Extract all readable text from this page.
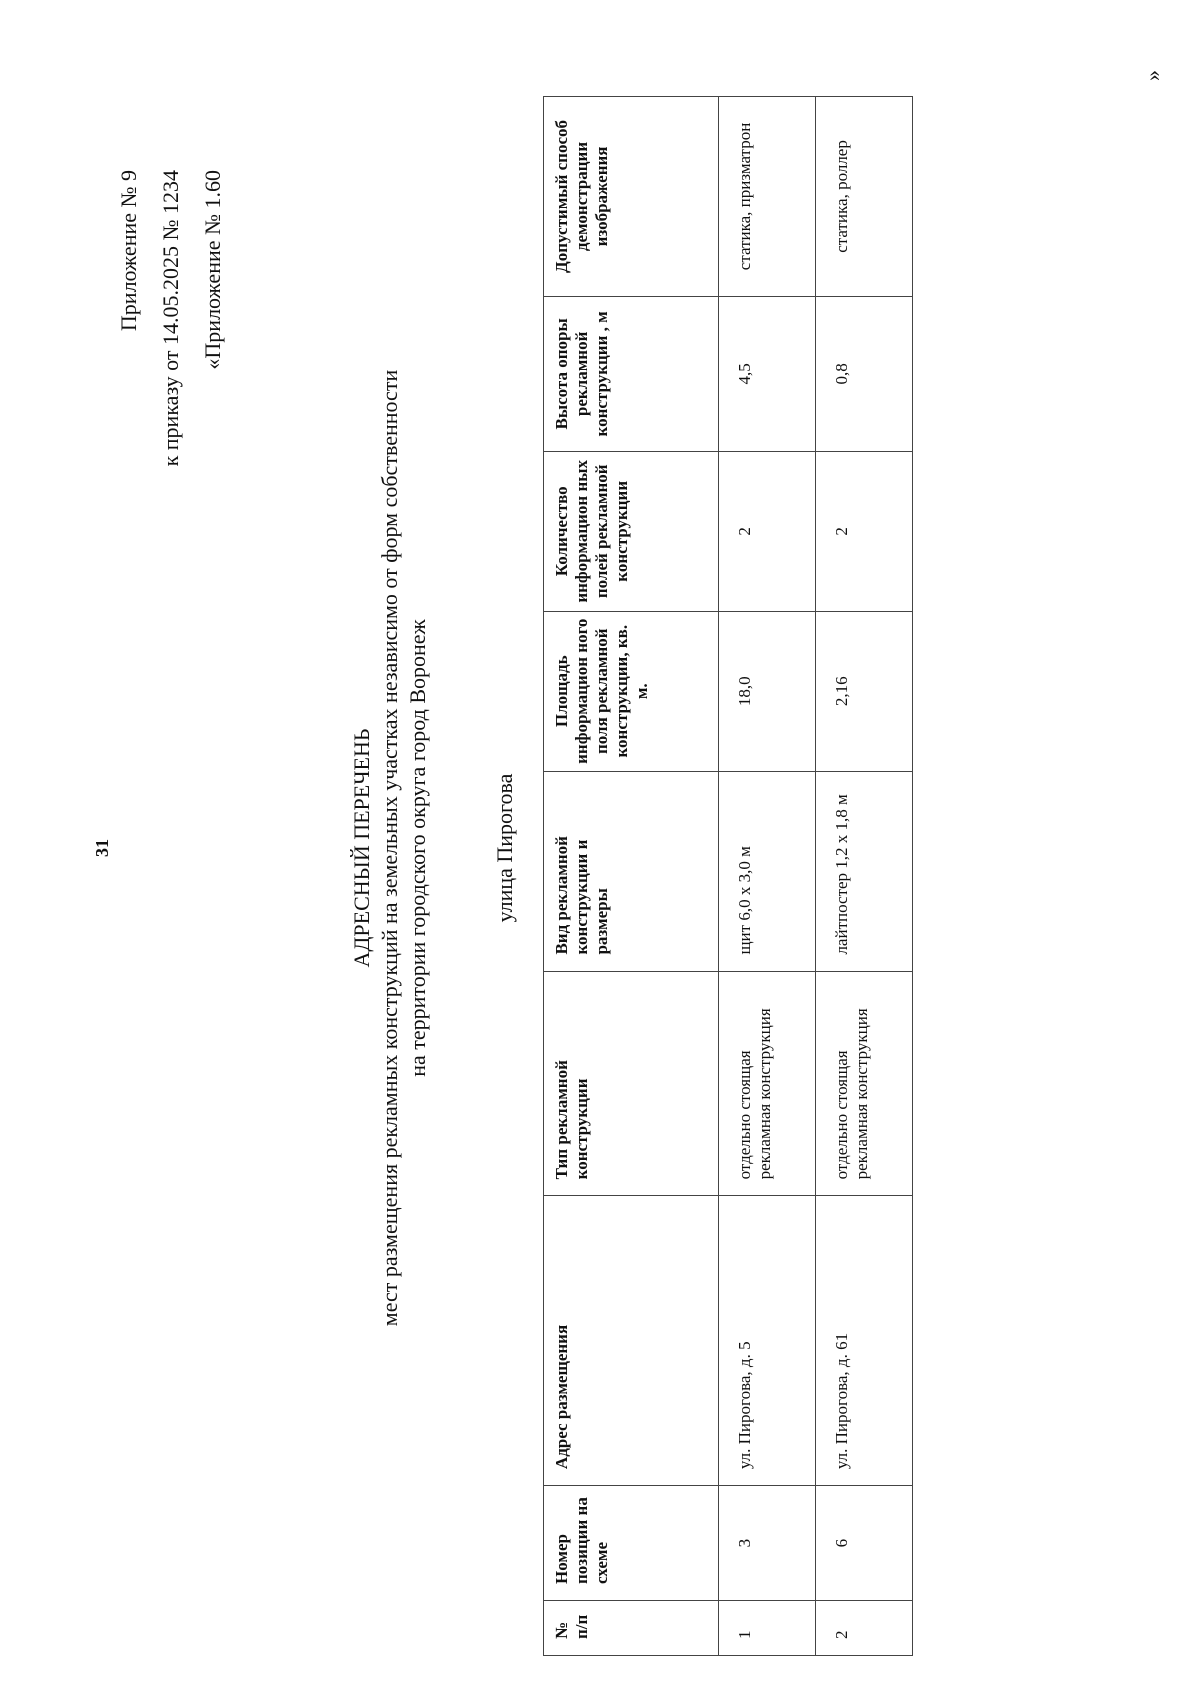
31
Приложение № 9 к приказу от 14.05.2025 № 1234 «Приложение № 1.60
АДРЕСНЫЙ ПЕРЕЧЕНЬ мест размещения рекламных конструкций на земельных участках независимо от форм собственности на территории городского округа город Воронеж	улица Пирогова
№ п/п	Номер позиции на схеме	Адрес размещения	Тип рекламной конструкции	Вид рекламной конструкции и размеры	Площадь информацион ного поля рекламной конструкции, кв. м.	Количество информацион ных полей рекламной конструкции	Высота опоры рекламной конструкции , м	Допустимый способ демонстрации изображения
1	3	ул. Пирогова, д. 5	отдельно стоящая рекламная конструкция	щит 6,0 х 3,0 м	18,0	2	4,5	статика, призматрон
2	6	ул. Пирогова, д. 61	отдельно стоящая рекламная конструкция	лайтпостер 1,2 х 1,8 м	2,16	2	0,8	статика, роллер
»
